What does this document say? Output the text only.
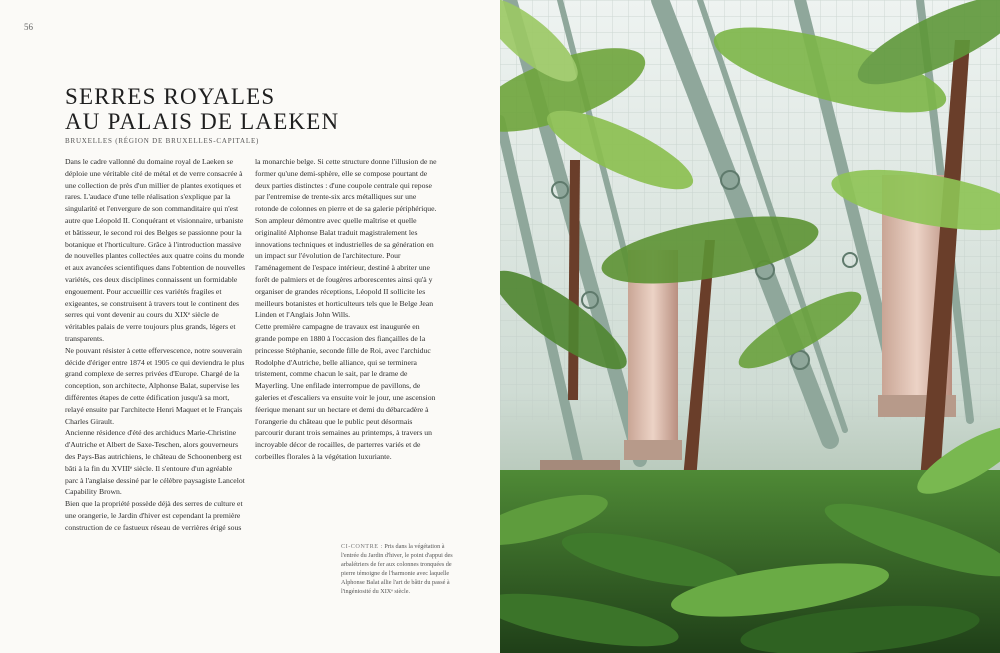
56
SERRES ROYALES
AU PALAIS DE LAEKEN
BRUXELLES (RÉGION DE BRUXELLES-CAPITALE)

Dans le cadre vallonné du domaine royal de Laeken se déploie une véritable cité de métal et de verre consacrée à une collection de près d'un millier de plantes exotiques et rares. L'audace d'une telle réalisation s'explique par la singularité et l'envergure de son commanditaire qui n'est autre que Léopold II. Conquérant et visionnaire, urbaniste et bâtisseur, le second roi des Belges se passionne pour la botanique et l'horticulture. Grâce à l'introduction massive de nouvelles plantes collectées aux quatre coins du monde et aux avancées scientifiques dans l'obtention de nouvelles variétés, ces deux disciplines connaissent un formidable engouement. Pour accueillir ces variétés fragiles et exigeantes, se construisent à travers tout le continent des serres qui vont devenir au cours du XIXᵉ siècle de véritables palais de verre toujours plus grands, légers et transparents.

Ne pouvant résister à cette effervescence, notre souverain décide d'ériger entre 1874 et 1905 ce qui deviendra le plus grand complexe de serres privées d'Europe. Chargé de la conception, son architecte, Alphonse Balat, supervise les différentes étapes de cette édification jusqu'à sa mort, relayé ensuite par l'architecte Henri Maquet et le Français Charles Girault.

Ancienne résidence d'été des archiducs Marie-Christine d'Autriche et Albert de Saxe-Teschen, alors gouverneurs des Pays-Bas autrichiens, le château de Schoonenberg est bâti à la fin du XVIIIᵉ siècle. Il s'entoure d'un agréable parc à l'anglaise dessiné par le célèbre paysagiste Lancelot Capability Brown.

Bien que la propriété possède déjà des serres de culture et une orangerie, le Jardin d'hiver est cependant la première construction de ce fastueux réseau de verrières érigé sous

la monarchie belge. Si cette structure donne l'illusion de ne former qu'une demi-sphère, elle se compose pourtant de deux parties distinctes : d'une coupole centrale qui repose par l'entremise de trente-six arcs métalliques sur une rotonde de colonnes en pierre et de sa galerie périphérique. Son ampleur démontre avec quelle maîtrise et quelle originalité Alphonse Balat traduit magistralement les innovations techniques et industrielles de sa génération en un impact sur l'évolution de l'architecture. Pour l'aménagement de l'espace intérieur, destiné à abriter une forêt de palmiers et de fougères arborescentes ainsi qu'à y organiser de grandes réceptions, Léopold II sollicite les meilleurs botanistes et horticulteurs tels que le Belge Jean Linden et l'Anglais John Wills.

Cette première campagne de travaux est inaugurée en grande pompe en 1880 à l'occasion des fiançailles de la princesse Stéphanie, seconde fille de Roi, avec l'archiduc Rodolphe d'Autriche, belle alliance, qui se terminera tristement, comme chacun le sait, par le drame de Mayerling. Une enfilade interrompue de pavillons, de galeries et d'escaliers va ensuite voir le jour, une ascension féerique menant sur un hectare et demi du débarcadère à l'orangerie du château que le public peut désormais parcourir durant trois semaines au printemps, à travers un incroyable décor de rocailles, de parterres variés et de corbeilles florales à la végétation luxuriante.

CI-CONTRE : Pris dans la végétation à l'entrée du Jardin d'hiver, le point d'appui des arbalétriers de fer aux colonnes tronquées de pierre témoigne de l'harmonie avec laquelle Alphonse Balat allie l'art de bâtir du passé à l'ingéniosité du XIXᵉ siècle.
